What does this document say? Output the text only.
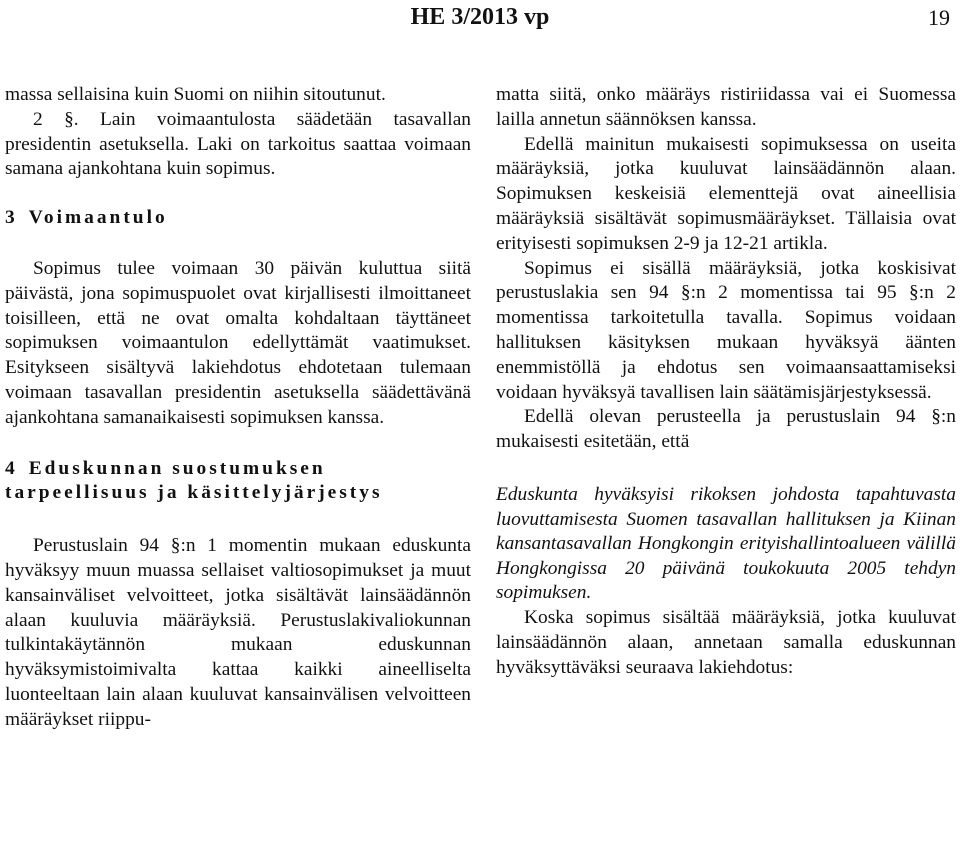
HE 3/2013 vp	19

massa sellaisina kuin Suomi on niihin sitoutunut.

2 §. Lain voimaantulosta säädetään tasavallan presidentin asetuksella. Laki on tarkoitus saattaa voimaan samana ajankohtana kuin sopimus.

3 Voimaantulo

Sopimus tulee voimaan 30 päivän kuluttua siitä päivästä, jona sopimuspuolet ovat kirjallisesti ilmoittaneet toisilleen, että ne ovat omalta kohdaltaan täyttäneet sopimuksen voimaantulon edellyttämät vaatimukset. Esitykseen sisältyvä lakiehdotus ehdotetaan tulemaan voimaan tasavallan presidentin asetuksella säädettävänä ajankohtana samanaikaisesti sopimuksen kanssa.

4 Eduskunnan suostumuksen tarpeellisuus ja käsittelyjärjestys

Perustuslain 94 §:n 1 momentin mukaan eduskunta hyväksyy muun muassa sellaiset valtiosopimukset ja muut kansainväliset velvoitteet, jotka sisältävät lainsäädännön alaan kuuluvia määräyksiä. Perustuslakivaliokunnan tulkintakäytännön mukaan eduskunnan hyväksymistoimivalta kattaa kaikki aineelliselta luonteeltaan lain alaan kuuluvat kansainvälisen velvoitteen määräykset riippu-

matta siitä, onko määräys ristiriidassa vai ei Suomessa lailla annetun säännöksen kanssa.

Edellä mainitun mukaisesti sopimuksessa on useita määräyksiä, jotka kuuluvat lainsäädännön alaan. Sopimuksen keskeisiä elementtejä ovat aineellisia määräyksiä sisältävät sopimusmääräykset. Tällaisia ovat erityisesti sopimuksen 2-9 ja 12-21 artikla.

Sopimus ei sisällä määräyksiä, jotka koskisivat perustuslakia sen 94 §:n 2 momentissa tai 95 §:n 2 momentissa tarkoitetulla tavalla. Sopimus voidaan hallituksen käsityksen mukaan hyväksyä äänten enemmistöllä ja ehdotus sen voimaansaattamiseksi voidaan hyväksyä tavallisen lain säätämisjärjestyksessä.

Edellä olevan perusteella ja perustuslain 94 §:n mukaisesti esitetään, että

Eduskunta hyväksyisi rikoksen johdosta tapahtuvasta luovuttamisesta Suomen tasavallan hallituksen ja Kiinan kansantasavallan Hongkongin erityishallintoalueen välillä Hongkongissa 20 päivänä toukokuuta 2005 tehdyn sopimuksen.

Koska sopimus sisältää määräyksiä, jotka kuuluvat lainsäädännön alaan, annetaan samalla eduskunnan hyväksyttäväksi seuraava lakiehdotus:
